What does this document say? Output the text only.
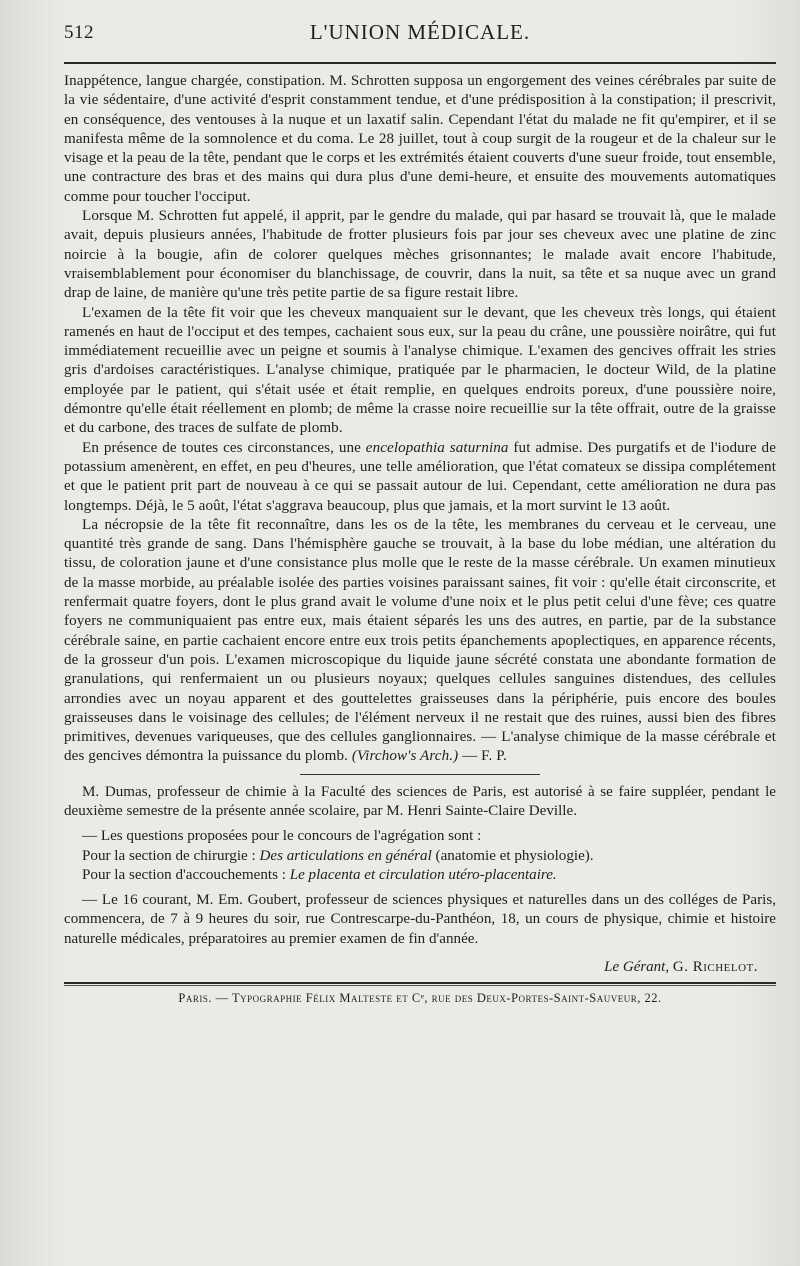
512	L'UNION MÉDICALE.

Inappétence, langue chargée, constipation. M. Schrotten supposa un engorgement des veines cérébrales par suite de la vie sédentaire, d'une activité d'esprit constamment tendue, et d'une prédisposition à la constipation; il prescrivit, en conséquence, des ventouses à la nuque et un laxatif salin. Cependant l'état du malade ne fit qu'empirer, et il se manifesta même de la somnolence et du coma. Le 28 juillet, tout à coup surgit de la rougeur et de la chaleur sur le visage et la peau de la tête, pendant que le corps et les extrémités étaient couverts d'une sueur froide, tout ensemble, une contracture des bras et des mains qui dura plus d'une demi-heure, et ensuite des mouvements automatiques comme pour toucher l'occiput.

Lorsque M. Schrotten fut appelé, il apprit, par le gendre du malade, qui par hasard se trouvait là, que le malade avait, depuis plusieurs années, l'habitude de frotter plusieurs fois par jour ses cheveux avec une platine de zinc noircie à la bougie, afin de colorer quelques mèches grisonnantes; le malade avait encore l'habitude, vraisemblablement pour économiser du blanchissage, de couvrir, dans la nuit, sa tête et sa nuque avec un grand drap de laine, de manière qu'une très petite partie de sa figure restait libre.

L'examen de la tête fit voir que les cheveux manquaient sur le devant, que les cheveux très longs, qui étaient ramenés en haut de l'occiput et des tempes, cachaient sous eux, sur la peau du crâne, une poussière noirâtre, qui fut immédiatement recueillie avec un peigne et soumis à l'analyse chimique. L'examen des gencives offrait les stries gris d'ardoises caractéristiques. L'analyse chimique, pratiquée par le pharmacien, le docteur Wild, de la platine employée par le patient, qui s'était usée et était remplie, en quelques endroits poreux, d'une poussière noire, démontre qu'elle était réellement en plomb; de même la crasse noire recueillie sur la tête offrait, outre de la graisse et du carbone, des traces de sulfate de plomb.

En présence de toutes ces circonstances, une encelopathia saturnina fut admise. Des purgatifs et de l'iodure de potassium amenèrent, en effet, en peu d'heures, une telle amélioration, que l'état comateux se dissipa complétement et que le patient prit part de nouveau à ce qui se passait autour de lui. Cependant, cette amélioration ne dura pas longtemps. Déjà, le 5 août, l'état s'aggrava beaucoup, plus que jamais, et la mort survint le 13 août.

La nécropsie de la tête fit reconnaître, dans les os de la tête, les membranes du cerveau et le cerveau, une quantité très grande de sang. Dans l'hémisphère gauche se trouvait, à la base du lobe médian, une altération du tissu, de coloration jaune et d'une consistance plus molle que le reste de la masse cérébrale. Un examen minutieux de la masse morbide, au préalable isolée des parties voisines paraissant saines, fit voir : qu'elle était circonscrite, et renfermait quatre foyers, dont le plus grand avait le volume d'une noix et le plus petit celui d'une fève; ces quatre foyers ne communiquaient pas entre eux, mais étaient séparés les uns des autres, en partie, par de la substance cérébrale saine, en partie cachaient encore entre eux trois petits épanchements apoplectiques, en apparence récents, de la grosseur d'un pois. L'examen microscopique du liquide jaune sécrété constata une abondante formation de granulations, qui renfermaient un ou plusieurs noyaux; quelques cellules sanguines distendues, des cellules arrondies avec un noyau apparent et des gouttelettes graisseuses dans la périphérie, puis encore des boules graisseuses dans le voisinage des cellules; de l'élément nerveux il ne restait que des ruines, aussi bien des fibres primitives, devenues variqueuses, que des cellules ganglionnaires. — L'analyse chimique de la masse cérébrale et des gencives démontra la puissance du plomb. (Virchow's Arch.) — F. P.

M. Dumas, professeur de chimie à la Faculté des sciences de Paris, est autorisé à se faire suppléer, pendant le deuxième semestre de la présente année scolaire, par M. Henri Sainte-Claire Deville.

— Les questions proposées pour le concours de l'agrégation sont :

Pour la section de chirurgie : Des articulations en général (anatomie et physiologie).

Pour la section d'accouchements : Le placenta et circulation utéro-placentaire.

— Le 16 courant, M. Em. Goubert, professeur de sciences physiques et naturelles dans un des colléges de Paris, commencera, de 7 à 9 heures du soir, rue Contrescarpe-du-Panthéon, 18, un cours de physique, chimie et histoire naturelle médicales, préparatoires au premier examen de fin d'année.

Le Gérant, G. Richelot.
Paris. — Typographie Félix Malteste et Cᵉ, rue des Deux-Portes-Saint-Sauveur, 22.
